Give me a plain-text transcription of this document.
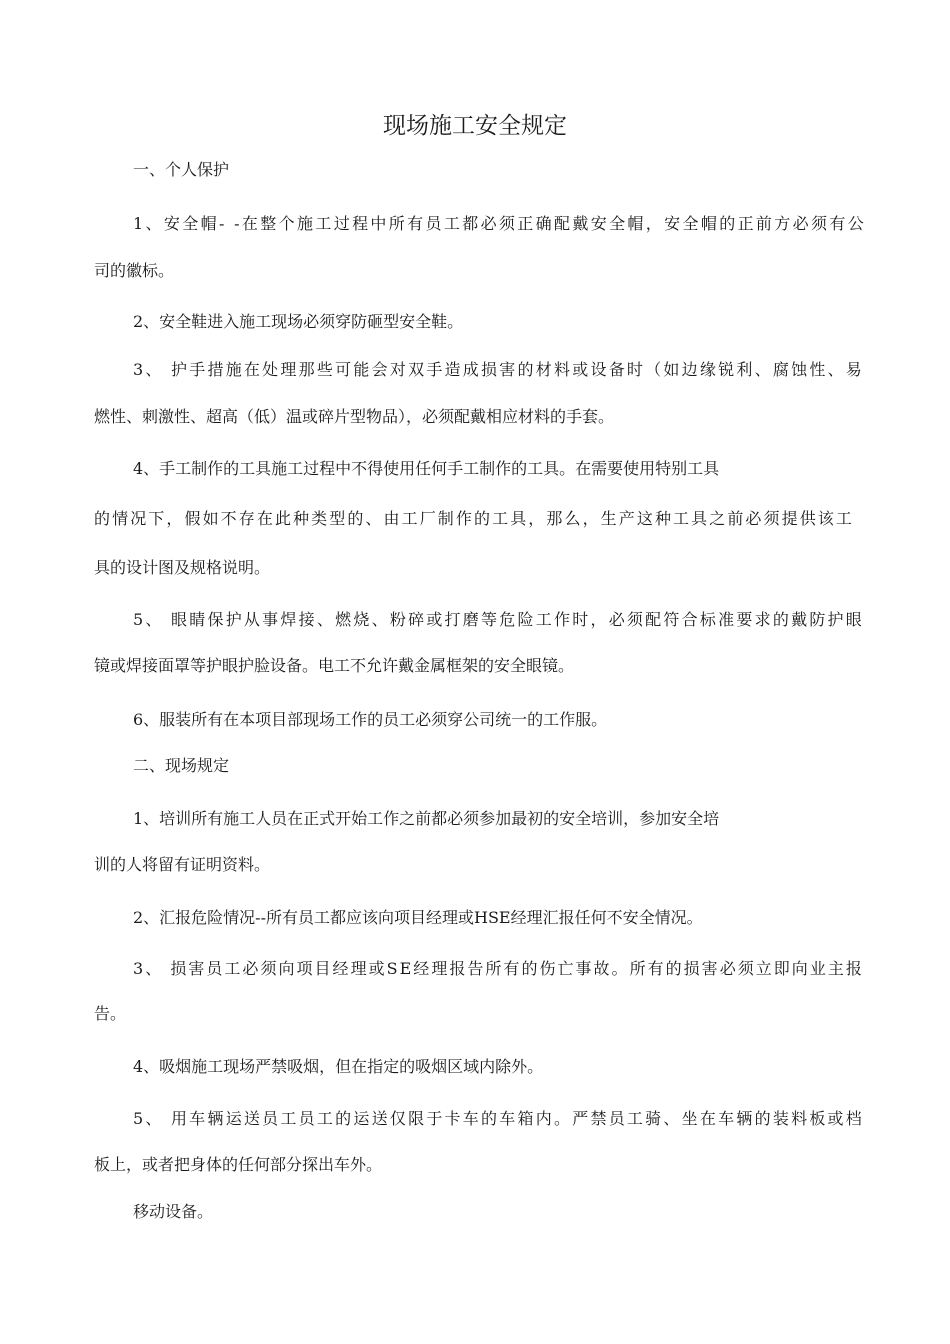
现场施工安全规定

一、个人保护

1、安全帽- -在整个施工过程中所有员工都必须正确配戴安全帽，安全帽的正前方必须有公

司的徽标。

2、安全鞋进入施工现场必须穿防砸型安全鞋。

3、 护手措施在处理那些可能会对双手造成损害的材料或设备时（如边缘锐利、腐蚀性、易

燃性、刺激性、超高（低）温或碎片型物品），必须配戴相应材料的手套。

4、手工制作的工具施工过程中不得使用任何手工制作的工具。在需要使用特别工具

的情况下，假如不存在此种类型的、由工厂制作的工具，那么，生产这种工具之前必须提供该工

具的设计图及规格说明。

5、 眼睛保护从事焊接、燃烧、粉碎或打磨等危险工作时，必须配符合标准要求的戴防护眼

镜或焊接面罩等护眼护脸设备。电工不允许戴金属框架的安全眼镜。

6、服装所有在本项目部现场工作的员工必须穿公司统一的工作服。

二、现场规定

1、培训所有施工人员在正式开始工作之前都必须参加最初的安全培训，参加安全培

训的人将留有证明资料。

2、汇报危险情况--所有员工都应该向项目经理或HSE经理汇报任何不安全情况。

3、 损害员工必须向项目经理或SE经理报告所有的伤亡事故。所有的损害必须立即向业主报

告。

4、吸烟施工现场严禁吸烟，但在指定的吸烟区域内除外。

5、 用车辆运送员工员工的运送仅限于卡车的车箱内。严禁员工骑、坐在车辆的装料板或档

板上，或者把身体的任何部分探出车外。

移动设备。
